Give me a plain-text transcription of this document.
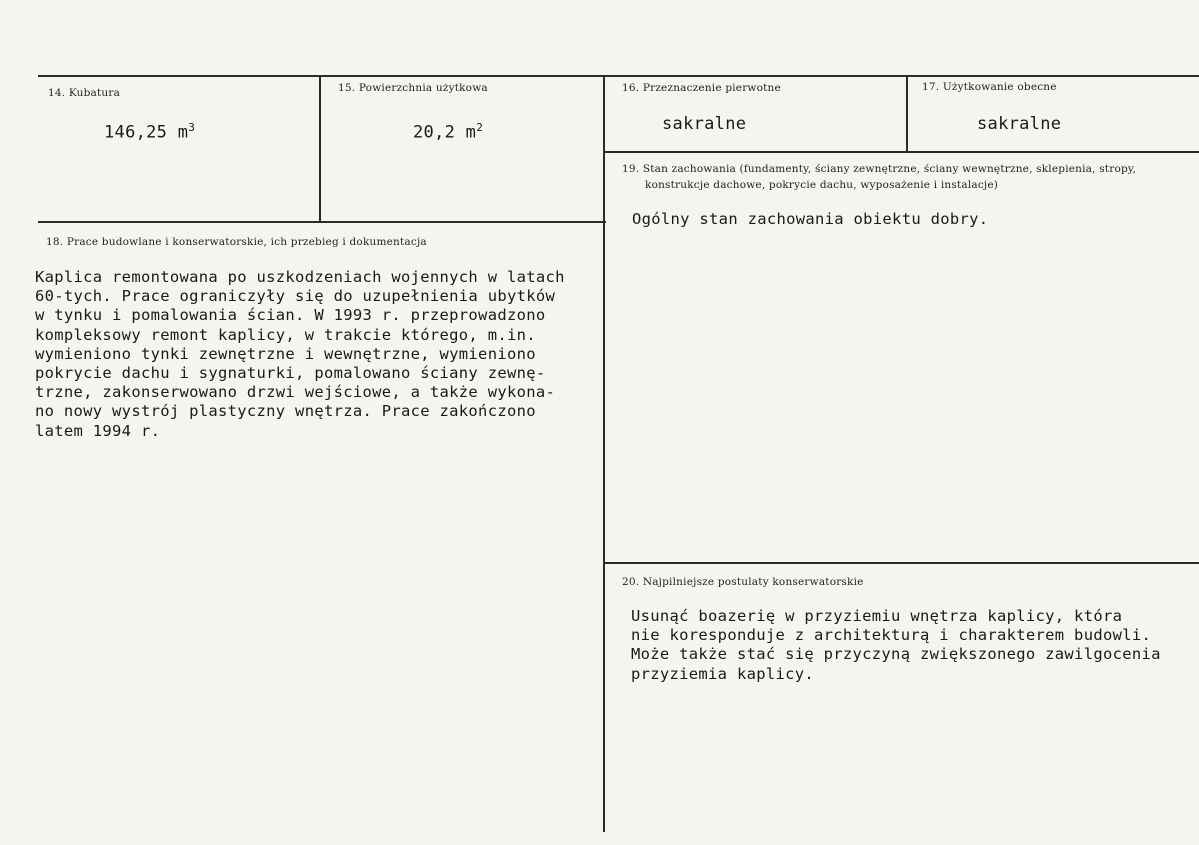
14. Kubatura
146,25 $m^3$
15. Powierzchnia użytkowa
20,2 $m^2$
16. Przeznaczenie pierwotne
sakralne
17. Użytkowanie obecne
sakralne
18. Prace budowlane i konserwatorskie, ich przebieg i dokumentacja
Kaplica remontowana po uszkodzeniach wojennych w latach
60-tych. Prace ograniczyły się do uzupełnienia ubytków
w tynku i pomalowania ścian. W 1993 r. przeprowadzono
kompleksowy remont kaplicy, w trakcie którego, m.in.
wymieniono tynki zewnętrzne i wewnętrzne, wymieniono
pokrycie dachu i sygnaturki, pomalowano ściany zewnę-
trzne, zakonserwowano drzwi wejściowe, a także wykona-
no nowy wystrój plastyczny wnętrza. Prace zakończono
latem 1994 r.
19. Stan zachowania (fundamenty, ściany zewnętrzne, ściany wewnętrzne, sklepienia, stropy,
konstrukcje dachowe, pokrycie dachu, wyposażenie i instalacje)
Ogólny stan zachowania obiektu dobry.
20. Najpilniejsze postulaty konserwatorskie
Usunąć boazerię w przyziemiu wnętrza kaplicy, która
nie koresponduje z architekturą i charakterem budowli.
Może także stać się przyczyną zwiększonego zawilgocenia
przyziemia kaplicy.
